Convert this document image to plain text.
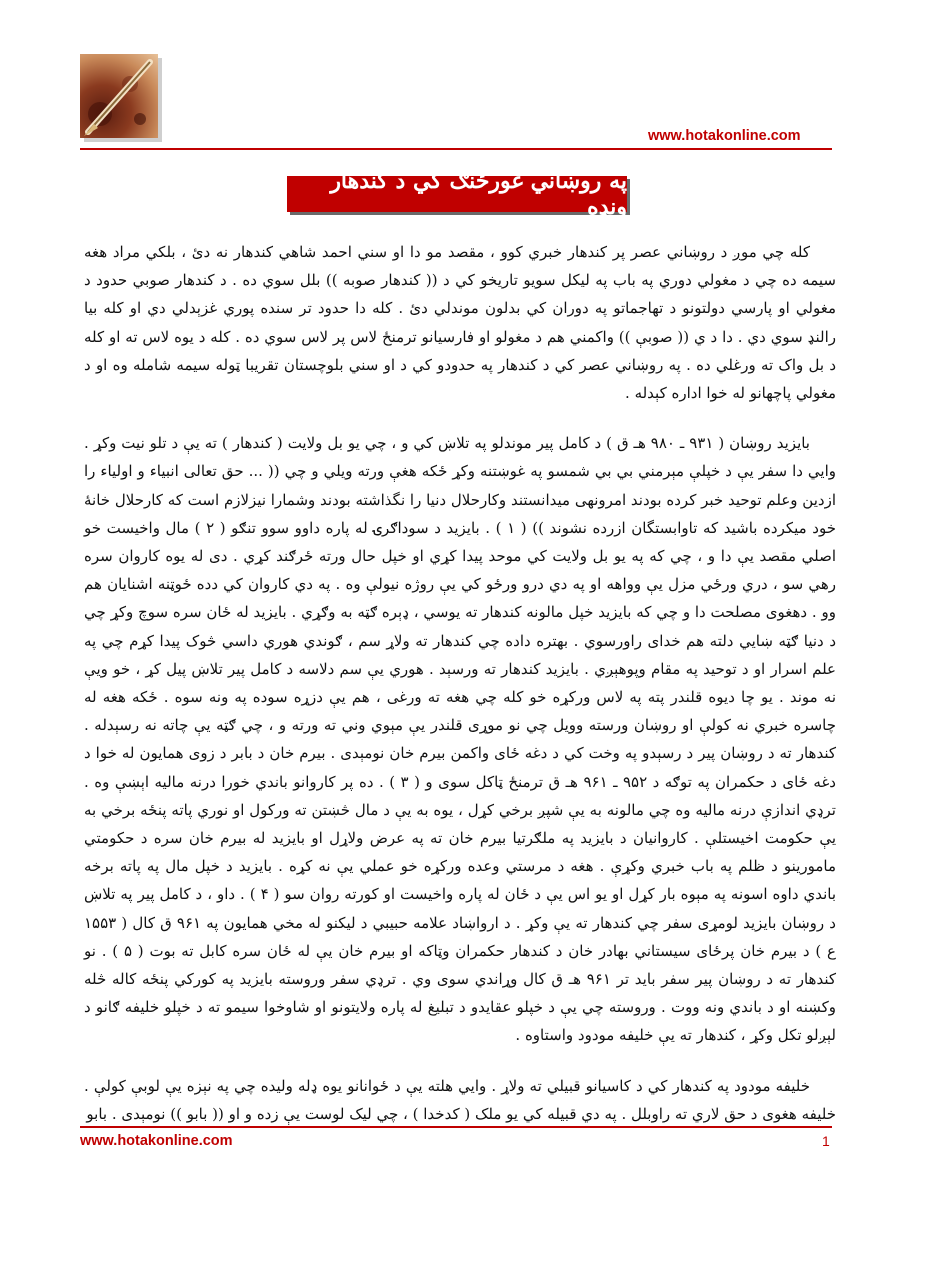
www.hotakonline.com
په روښاني غورځنګ کي د کندهار ونډه

کله چي موږ د روښاني عصر پر کندهار خبري کوو ، مقصد مو دا او سني احمد شاهي کندهار نه دئ ، بلکي مراد هغه سيمه ده چي د مغولي دوري په باب په ليکل سويو تاريخو کي د (( کندهار صوبه )) بلل سوي ده . د کندهار صوبي حدود د مغولي او پارسي دولتونو د تهاجماتو په دوران کي بدلون موندلي دئ . کله دا حدود تر سنده پوري غزېدلي دي او کله بيا رالنډ سوي دي . دا د ي (( صوبې )) واکمني هم د مغولو او فارسيانو ترمنځ لاس پر لاس سوي ده . کله د يوه لاس ته او کله د بل واک ته ورغلي ده . په روښاني عصر کي د کندهار په حدودو کي د او سني بلوچستان تقريبا ټوله سيمه شامله وه او د مغولي پاچهانو له خوا اداره کېدله .

بايزيد روښان ( ۹۳۱ ـ ۹۸۰ هـ ق ) د کامل پير موندلو په تلاښ کي و ، چي يو بل ولايت ( کندهار ) ته يې د تلو نيت وکړ . وايي دا سفر يې د خپلې مېرمني بي بي شمسو په غوښتنه وکړ ځکه هغې ورته ويلي و چي (( ... حق تعالى انبياء و اولياء را ازدين وعلم توحيد خبر کرده بودند امرونهى ميدانستند وکارحلال دنيا را نگذاشته بودند وشمارا نيزلازم است که کارحلال خانهٔ خود ميکرده باشيد که تاوابستگان ازرده نشوند )) ( ۱ ) . بايزيد د سوداګرۍ له پاره داوو سوو تنګو ( ۲ ) مال واخيست خو اصلي مقصد يې دا و ، چي که په يو بل ولايت کي موحد پيدا کړي او خپل حال ورته ځرګند کړي . دی له يوه کاروان سره رهي سو ، دري ورځي مزل يې وواهه او په دي درو ورځو کي يې روژه نيولې وه . په دي کاروان کي دده ځوټنه اشنايان هم وو . دهغوی مصلحت دا و چي که بايزيد خپل مالونه کندهار ته يوسي ، ډېره ګټه به وګړي . بايزيد له ځان سره سوچ وکړ چي د دنيا ګټه ښايي دلته هم خداى راورسوي . بهتره داده چي کندهار ته ولاړ سم ، ګوندي هوري داسي څوک پيدا کړم چي په علم اسرار او د توحيد په مقام وپوهېږي . بايزيد کندهار ته ورسېد . هوري يې سم دلاسه د کامل پير تلاښ پيل کړ ، خو ويې نه موند . يو چا ديوه قلندر پته په لاس ورکړه خو کله چي هغه ته ورغی ، هم يې دزړه سوده په ونه سوه . ځکه هغه له چاسره خبري نه کولې او روښان ورسته وويل چي نو موړی قلندر يې مېوي وني ته ورته و ، چي ګټه يې چاته نه رسېدله . کندهار ته د روښان پير د رسېدو په وخت کي د دغه ځای واکمن بيرم خان نومېدی . بيرم خان د بابر د زوی همايون له خوا د دغه ځای د حکمران په توګه د ۹۵۲ ـ ۹۶۱ هـ ق ترمنځ ټاکل سوی و ( ۳ ) . ده پر کاروانو باندي خورا درنه ماليه اېښې وه . ترډي اندازې درنه ماليه وه چي مالونه به يې شپږ برخي کړل ، يوه به يې د مال څښتن ته ورکول او نوري پاته پنځه برخي به يې حکومت اخيستلې . کاروانيان د بايزيد په ملګرتيا بيرم خان ته په عرض ولاړل او بايزيد له بيرم خان سره د حکومتي مامورينو د ظلم په باب خبري وکړې . هغه د مرستي وعده ورکړه خو عملي يې نه کړه . بايزيد د خپل مال په پاته برخه باندي داوه اسونه په مېوه بار کړل او يو اس يې د ځان له پاره واخيست او کورته روان سو ( ۴ ) . داو ، د کامل پير په تلاښ د روښان بايزيد لومړی سفر چي کندهار ته يې وکړ . د ارواښاد علامه حبيبي د ليکنو له مخي همايون په ۹۶۱ ق کال ( ۱۵۵۳ ع ) د بيرم خان پرځای سيستاني بهادر خان د کندهار حکمران وټاکه او بيرم خان يې له ځان سره کابل ته بوت ( ۵ ) . نو کندهار ته د روښان پير سفر بايد تر ۹۶۱ هـ ق کال وړاندي سوی وي . ترډي سفر وروسته بايزيد په کورکي پنځه کاله څله وکښنه او د باندي ونه ووت . وروسته چي يې د خپلو عقايدو د تبليغ له پاره ولايتونو او شاوخوا سيمو ته د خپلو خليفه ګانو د لېږلو تکل وکړ ، کندهار ته يې خليفه مودود واستاوه .

خليفه مودود په کندهار کي د کاسيانو قبيلي ته ولاړ . وايي هلته يې د ځوانانو يوه ډله وليده چي په نېزه يې لوبې کولې . خليفه هغوی د حق لاري ته راوبلل . په دي قبيله کي يو ملک ( کدخدا ) ، چي ليک لوست يې زده و او (( بابو )) نومېدی . بابو

www.hotakonline.com	1
